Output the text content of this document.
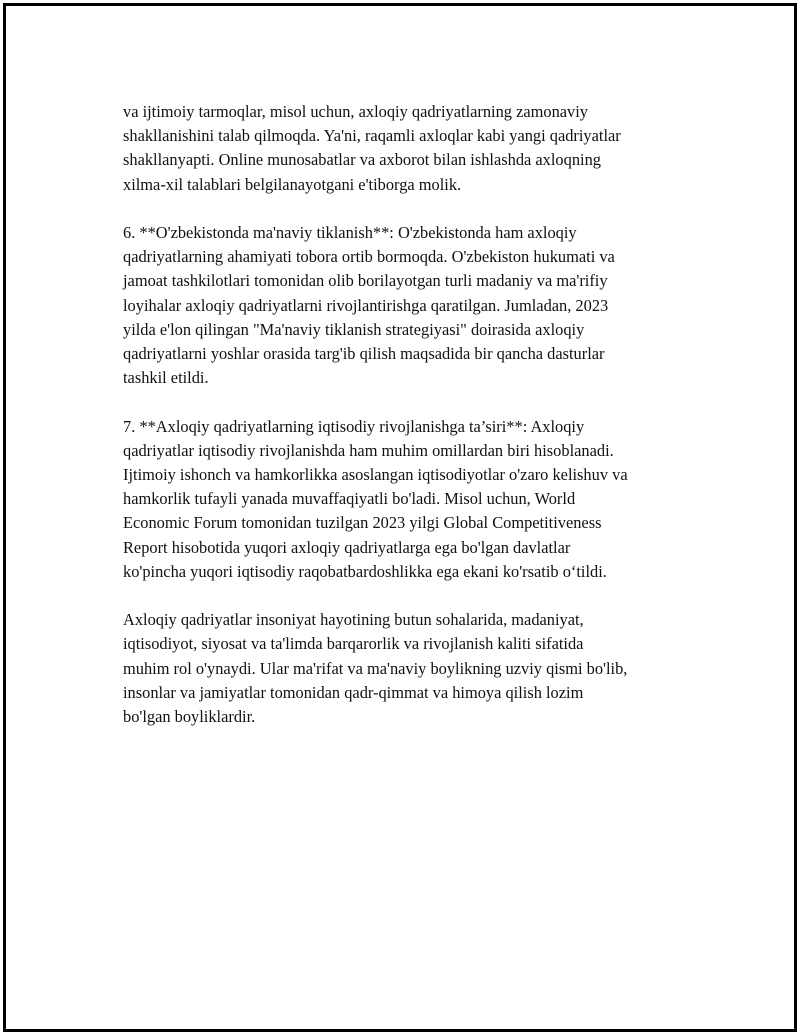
va ijtimoiy tarmoqlar, misol uchun, axloqiy qadriyatlarning zamonaviy
shakllanishini talab qilmoqda. Ya'ni, raqamli axloqlar kabi yangi qadriyatlar
shakllanyapti. Online munosabatlar va axborot bilan ishlashda axloqning
xilma-xil talablari belgilanayotgani e'tiborga molik.

6. **O'zbekistonda ma'naviy tiklanish**: O'zbekistonda ham axloqiy
qadriyatlarning ahamiyati tobora ortib bormoqda. O'zbekiston hukumati va
jamoat tashkilotlari tomonidan olib borilayotgan turli madaniy va ma'rifiy
loyihalar axloqiy qadriyatlarni rivojlantirishga qaratilgan. Jumladan, 2023
yilda e'lon qilingan "Ma'naviy tiklanish strategiyasi" doirasida axloqiy
qadriyatlarni yoshlar orasida targ'ib qilish maqsadida bir qancha dasturlar
tashkil etildi.

7. **Axloqiy qadriyatlarning iqtisodiy rivojlanishga ta’siri**: Axloqiy
qadriyatlar iqtisodiy rivojlanishda ham muhim omillardan biri hisoblanadi.
Ijtimoiy ishonch va hamkorlikka asoslangan iqtisodiyotlar o'zaro kelishuv va
hamkorlik tufayli yanada muvaffaqiyatli bo'ladi. Misol uchun, World
Economic Forum tomonidan tuzilgan 2023 yilgi Global Competitiveness
Report hisobotida yuqori axloqiy qadriyatlarga ega bo'lgan davlatlar
ko'pincha yuqori iqtisodiy raqobatbardoshlikka ega ekani ko'rsatib o‘tildi.

Axloqiy qadriyatlar insoniyat hayotining butun sohalarida, madaniyat,
iqtisodiyot, siyosat va ta'limda barqarorlik va rivojlanish kaliti sifatida
muhim rol o'ynaydi. Ular ma'rifat va ma'naviy boylikning uzviy qismi bo'lib,
insonlar va jamiyatlar tomonidan qadr-qimmat va himoya qilish lozim
bo'lgan boyliklardir.
